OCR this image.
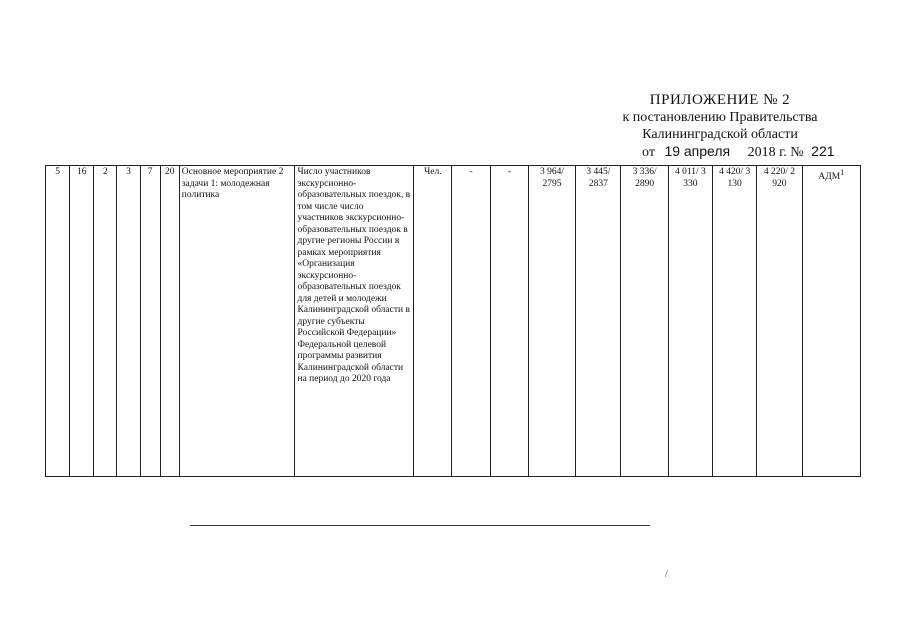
ПРИЛОЖЕНИЕ № 2
к постановлению Правительства
Калининградской области
от 19 апреля 2018 г. № 221
5	16	2	3	7	20	Основное мероприятие 2 задачи 1: молодежная политика	Число участников экскурсионно-образовательных поездок, в том числе число участников экскурсионно-образовательных поездок в другие регионы России в рамках мероприятия «Организация экскурсионно-образовательных поездок для детей и молодежи Калининградской области в другие субъекты Российской Федерации» Федеральной целевой программы развития Калининградской области на период до 2020 года	Чел.	-	-	3 964/ 2795	3 445/ 2837	3 336/ 2890	4 011/ 3 330	4 420/ 3 130	4 220/ 2 920	АДМ$^1$
/
